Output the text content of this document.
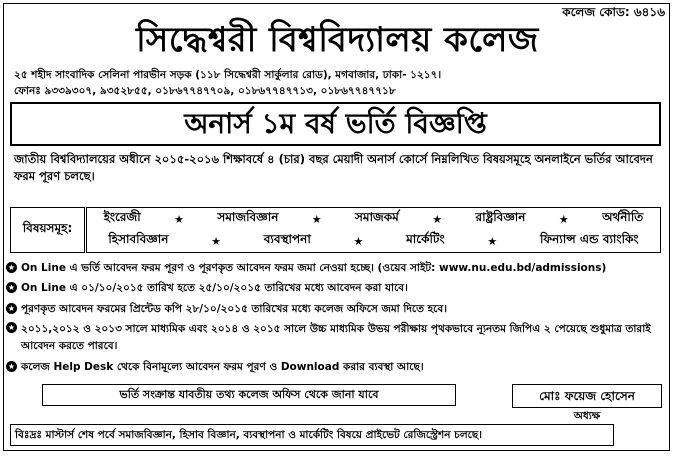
কলেজ কোড: ৬৪১৬
সিদ্ধেশ্বরী বিশ্ববিদ্যালয় কলেজ
২৫ শহীদ সাংবাদিক সেলিনা পারভীন সড়ক (১১৮ সিদ্ধেশ্বরী সার্কুলার রোড), মগবাজার, ঢাকা- ১২১৭।
ফোনঃ ৯৩৩৯৩০৭, ৯৩৫২৮৫৫, ০১৮৬৭৭৪৭৭০৯, ০১৮৬৭৭৪৭৭১৩, ০১৮৬৭৭৪৭৭১৮
অনার্স ১ম বর্ষ ভর্তি বিজ্ঞপ্তি
জাতীয় বিশ্ববিদ্যালয়ের অধীনে ২০১৫-২০১৬ শিক্ষাবর্ষে ৪ (চার) বছর মেয়াদী অনার্স কোর্সে নিম্নলিখিত বিষয়সমূহে অনলাইনে ভর্তির আবেদন ফরম পূরণ চলছে।
বিষয়সমূহ:
ইংরেজী	★	সমাজবিজ্ঞান	★	সমাজকর্ম	★	রাষ্ট্রবিজ্ঞান	★	অর্থনীতি
হিসাববিজ্ঞান	★	ব্যবস্থাপনা	★	মার্কেটিং	★	ফিন্যান্স এন্ড ব্যাংকিং
★ On Line এ ভর্তি আবেদন ফরম পূরণ ও পূরণকৃত আবেদন ফরম জমা নেওয়া হচ্ছে। (ওয়েব সাইট: www.nu.edu.bd/admissions)
★ On Line এ ০১/১০/২০১৫ তারিখ হতে ২৫/১০/২০১৫ তারিখের মধ্যে আবেদন করা যাবে।
★ পূরণকৃত আবেদন ফরমের প্রিন্টেড কপি ২৮/১০/২০১৫ তারিখের মধ্যে কলেজ অফিসে জমা দিতে হবে।
★ ২০১১,২০১২ ও ২০১৩ সালে মাধ্যমিক এবং ২০১৪ ও ২০১৫ সালে উচ্চ মাধ্যমিক উভয় পরীক্ষায় পৃথকভাবে ন্যূনতম জিপিএ ২ পেয়েছে শুধুমাত্র তারাই আবেদন করতে পারবে।
★ কলেজ Help Desk থেকে বিনামূল্যে আবেদন ফরম পূরণ ও Download করার ব্যবস্থা আছে।
ভর্তি সংক্রান্ত যাবতীয় তথ্য কলেজ অফিস থেকে জানা যাবে	মোঃ ফয়েজ হোসেন
অধ্যক্ষ
বিঃদ্রঃ মাস্টার্স শেষ পর্বে সমাজবিজ্ঞান, হিসাব বিজ্ঞান, ব্যবস্থাপনা ও মার্কেটিং বিষয়ে প্রাইভেট রেজিস্ট্রেশন চলছে।
